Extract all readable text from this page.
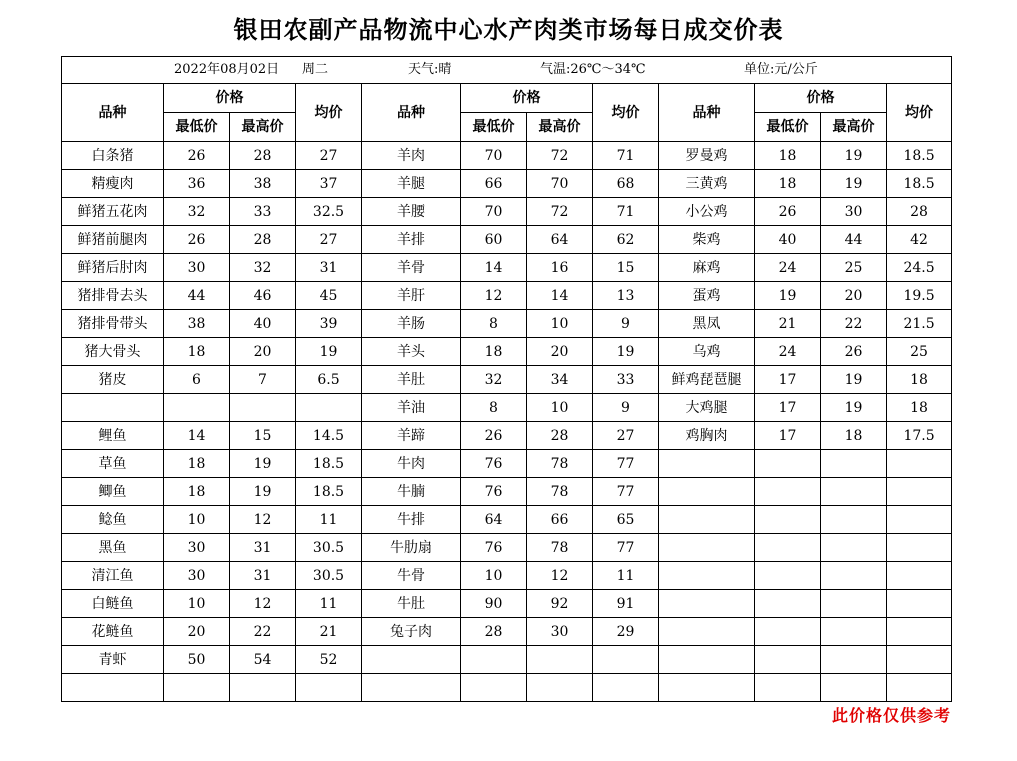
银田农副产品物流中心水产肉类市场每日成交价表
2022年08月02日 周二 天气:晴 气温:26℃～34℃ 单位:元/公斤											

品种	价格		均价	品种	价格		均价	品种	价格		均价
	最低价	最高价			最低价	最高价			最低价	最高价	
白条猪	26	28	27	羊肉	70	72	71	罗曼鸡	18	19	18.5
精瘦肉	36	38	37	羊腿	66	70	68	三黄鸡	18	19	18.5
鲜猪五花肉	32	33	32.5	羊腰	70	72	71	小公鸡	26	30	28
鲜猪前腿肉	26	28	27	羊排	60	64	62	柴鸡	40	44	42
鲜猪后肘肉	30	32	31	羊骨	14	16	15	麻鸡	24	25	24.5
猪排骨去头	44	46	45	羊肝	12	14	13	蛋鸡	19	20	19.5
猪排骨带头	38	40	39	羊肠	8	10	9	黑凤	21	22	21.5
猪大骨头	18	20	19	羊头	18	20	19	乌鸡	24	26	25
猪皮	6	7	6.5	羊肚	32	34	33	鲜鸡琵琶腿	17	19	18
				羊油	8	10	9	大鸡腿	17	19	18
鲤鱼	14	15	14.5	羊蹄	26	28	27	鸡胸肉	17	18	17.5
草鱼	18	19	18.5	牛肉	76	78	77				
鲫鱼	18	19	18.5	牛腩	76	78	77				
鲶鱼	10	12	11	牛排	64	66	65				
黑鱼	30	31	30.5	牛肋扇	76	78	77				
清江鱼	30	31	30.5	牛骨	10	12	11				
白鲢鱼	10	12	11	牛肚	90	92	91				
花鲢鱼	20	22	21	兔子肉	28	30	29				
青虾	50	54	52								

此价格仅供参考
